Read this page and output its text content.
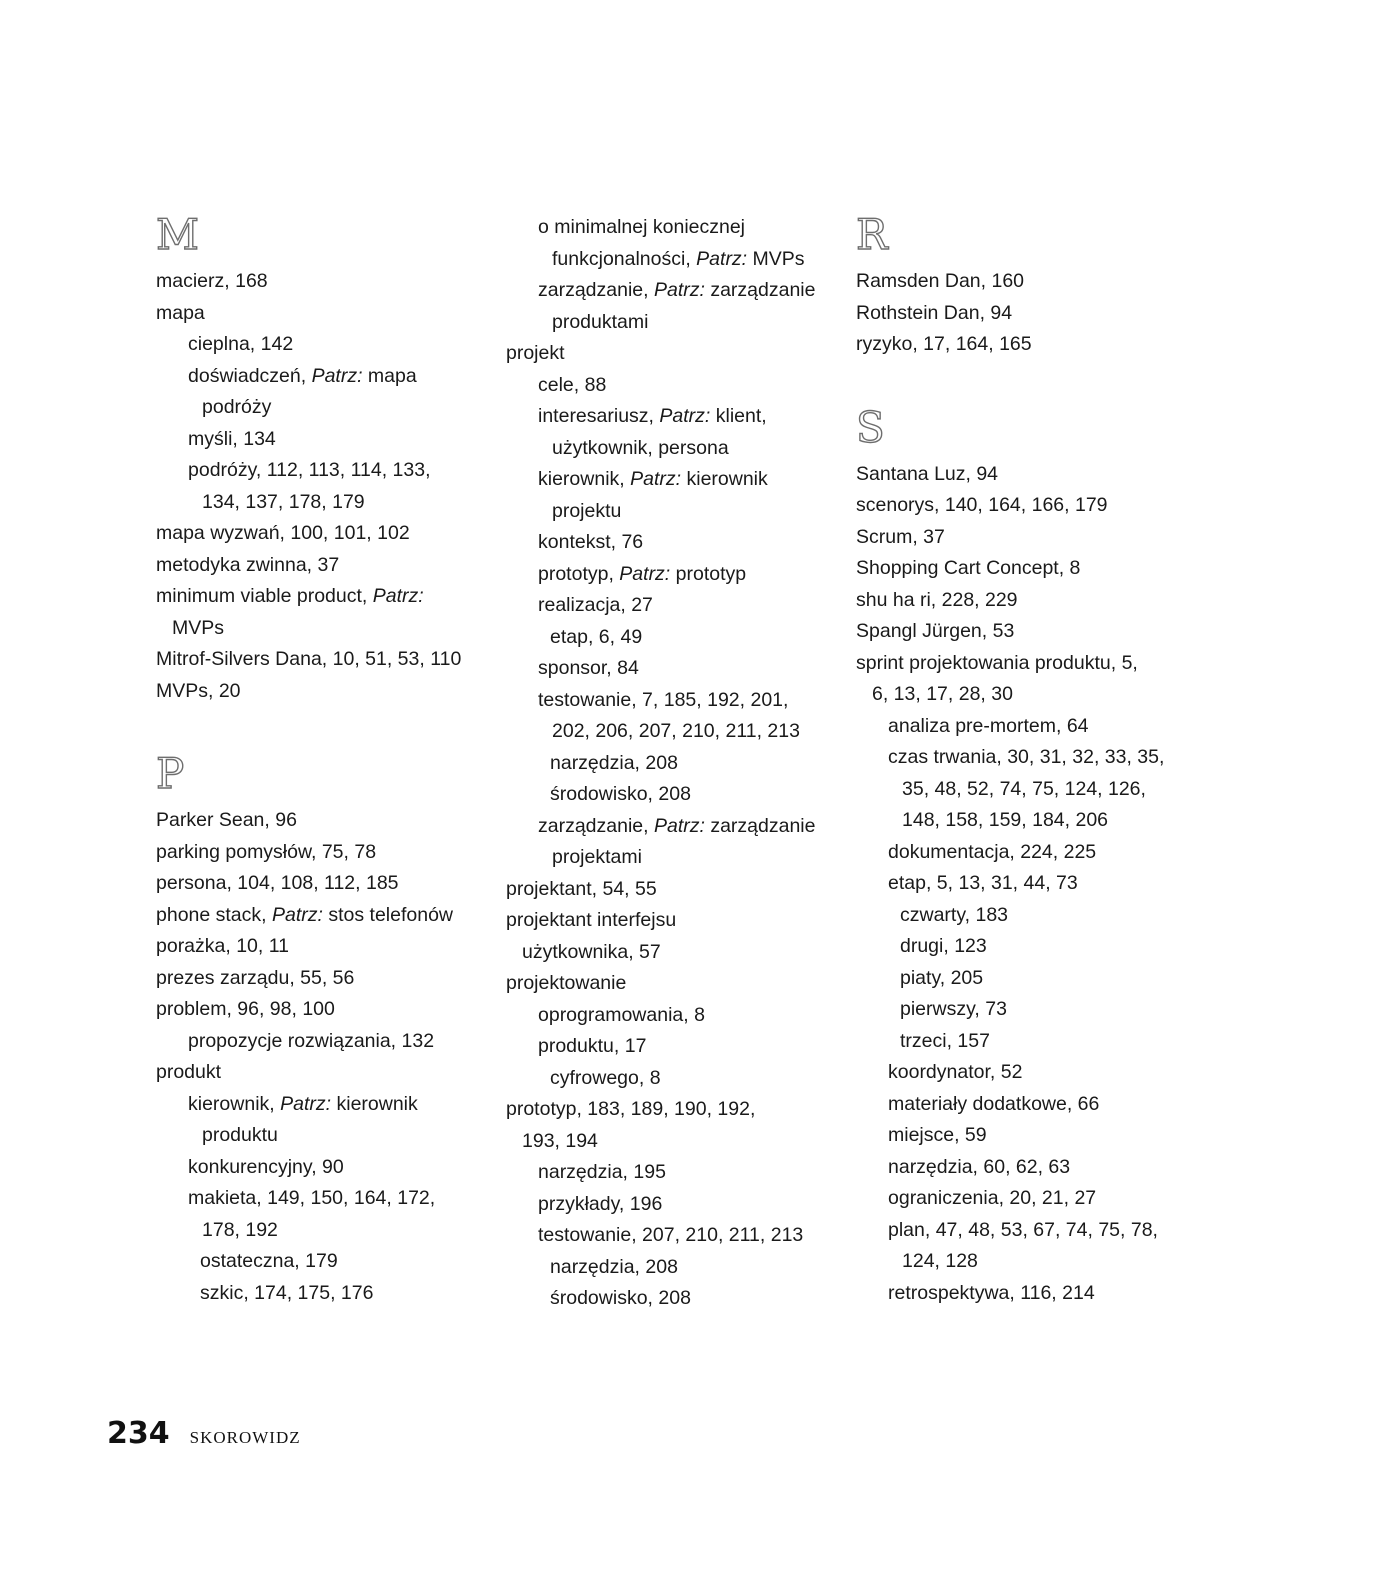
M
macierz, 168
mapa
cieplna, 142
doświadczeń, Patrz: mapa
podróży
myśli, 134
podróży, 112, 113, 114, 133,
134, 137, 178, 179
mapa wyzwań, 100, 101, 102
metodyka zwinna, 37
minimum viable product, Patrz:
MVPs
Mitrof-Silvers Dana, 10, 51, 53, 110
MVPs, 20
P
Parker Sean, 96
parking pomysłów, 75, 78
persona, 104, 108, 112, 185
phone stack, Patrz: stos telefonów
porażka, 10, 11
prezes zarządu, 55, 56
problem, 96, 98, 100
propozycje rozwiązania, 132
produkt
kierownik, Patrz: kierownik
produktu
konkurencyjny, 90
makieta, 149, 150, 164, 172,
178, 192
ostateczna, 179
szkic, 174, 175, 176
o minimalnej koniecznej
funkcjonalności, Patrz: MVPs
zarządzanie, Patrz: zarządzanie
produktami
projekt
cele, 88
interesariusz, Patrz: klient,
użytkownik, persona
kierownik, Patrz: kierownik
projektu
kontekst, 76
prototyp, Patrz: prototyp
realizacja, 27
etap, 6, 49
sponsor, 84
testowanie, 7, 185, 192, 201,
202, 206, 207, 210, 211, 213
narzędzia, 208
środowisko, 208
zarządzanie, Patrz: zarządzanie
projektami
projektant, 54, 55
projektant interfejsu
użytkownika, 57
projektowanie
oprogramowania, 8
produktu, 17
cyfrowego, 8
prototyp, 183, 189, 190, 192,
193, 194
narzędzia, 195
przykłady, 196
testowanie, 207, 210, 211, 213
narzędzia, 208
środowisko, 208
R
Ramsden Dan, 160
Rothstein Dan, 94
ryzyko, 17, 164, 165
S
Santana Luz, 94
scenorys, 140, 164, 166, 179
Scrum, 37
Shopping Cart Concept, 8
shu ha ri, 228, 229
Spangl Jürgen, 53
sprint projektowania produktu, 5,
6, 13, 17, 28, 30
analiza pre-mortem, 64
czas trwania, 30, 31, 32, 33, 35,
35, 48, 52, 74, 75, 124, 126,
148, 158, 159, 184, 206
dokumentacja, 224, 225
etap, 5, 13, 31, 44, 73
czwarty, 183
drugi, 123
piaty, 205
pierwszy, 73
trzeci, 157
koordynator, 52
materiały dodatkowe, 66
miejsce, 59
narzędzia, 60, 62, 63
ograniczenia, 20, 21, 27
plan, 47, 48, 53, 67, 74, 75, 78,
124, 128
retrospektywa, 116, 214
234 SKOROWIDZ
